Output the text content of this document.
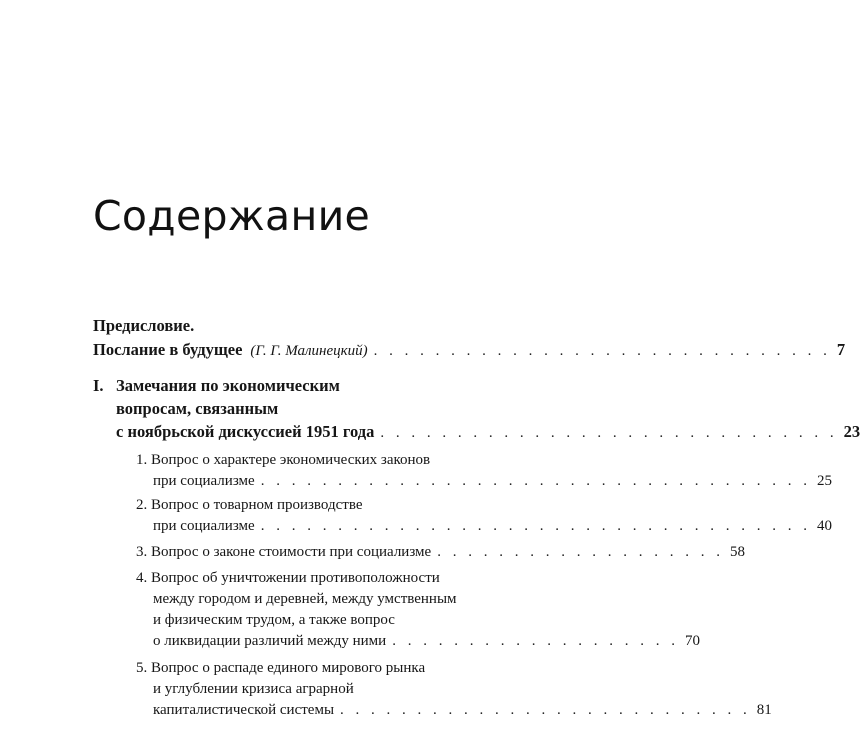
Содержание
Предисловие.
Послание в будущее (Г. Г. Малинецкий) . . . . . . . . . . . . . . . . . . . . . . . . . . . . . . 7
I. Замечания по экономическим
вопросам, связанным
с ноябрьской дискуссией 1951 года . . . . . . . . . . . . . . . . . . . . . . . . . . . . . . 23
1. Вопрос о характере экономических законов
при социализме . . . . . . . . . . . . . . . . . . . . . . . . . . . . . . . . . . . . 25
2. Вопрос о товарном производстве
при социализме . . . . . . . . . . . . . . . . . . . . . . . . . . . . . . . . . . . . 40
3. Вопрос о законе стоимости при социализме . . . . . . . . . . . . . . . . . . . 58
4. Вопрос об уничтожении противоположности
между городом и деревней, между умственным
и физическим трудом, а также вопрос
о ликвидации различий между ними . . . . . . . . . . . . . . . . . . . 70
5. Вопрос о распаде единого мирового рынка
и углублении кризиса аграрной
капиталистической системы . . . . . . . . . . . . . . . . . . . . . . . . . . . 81
